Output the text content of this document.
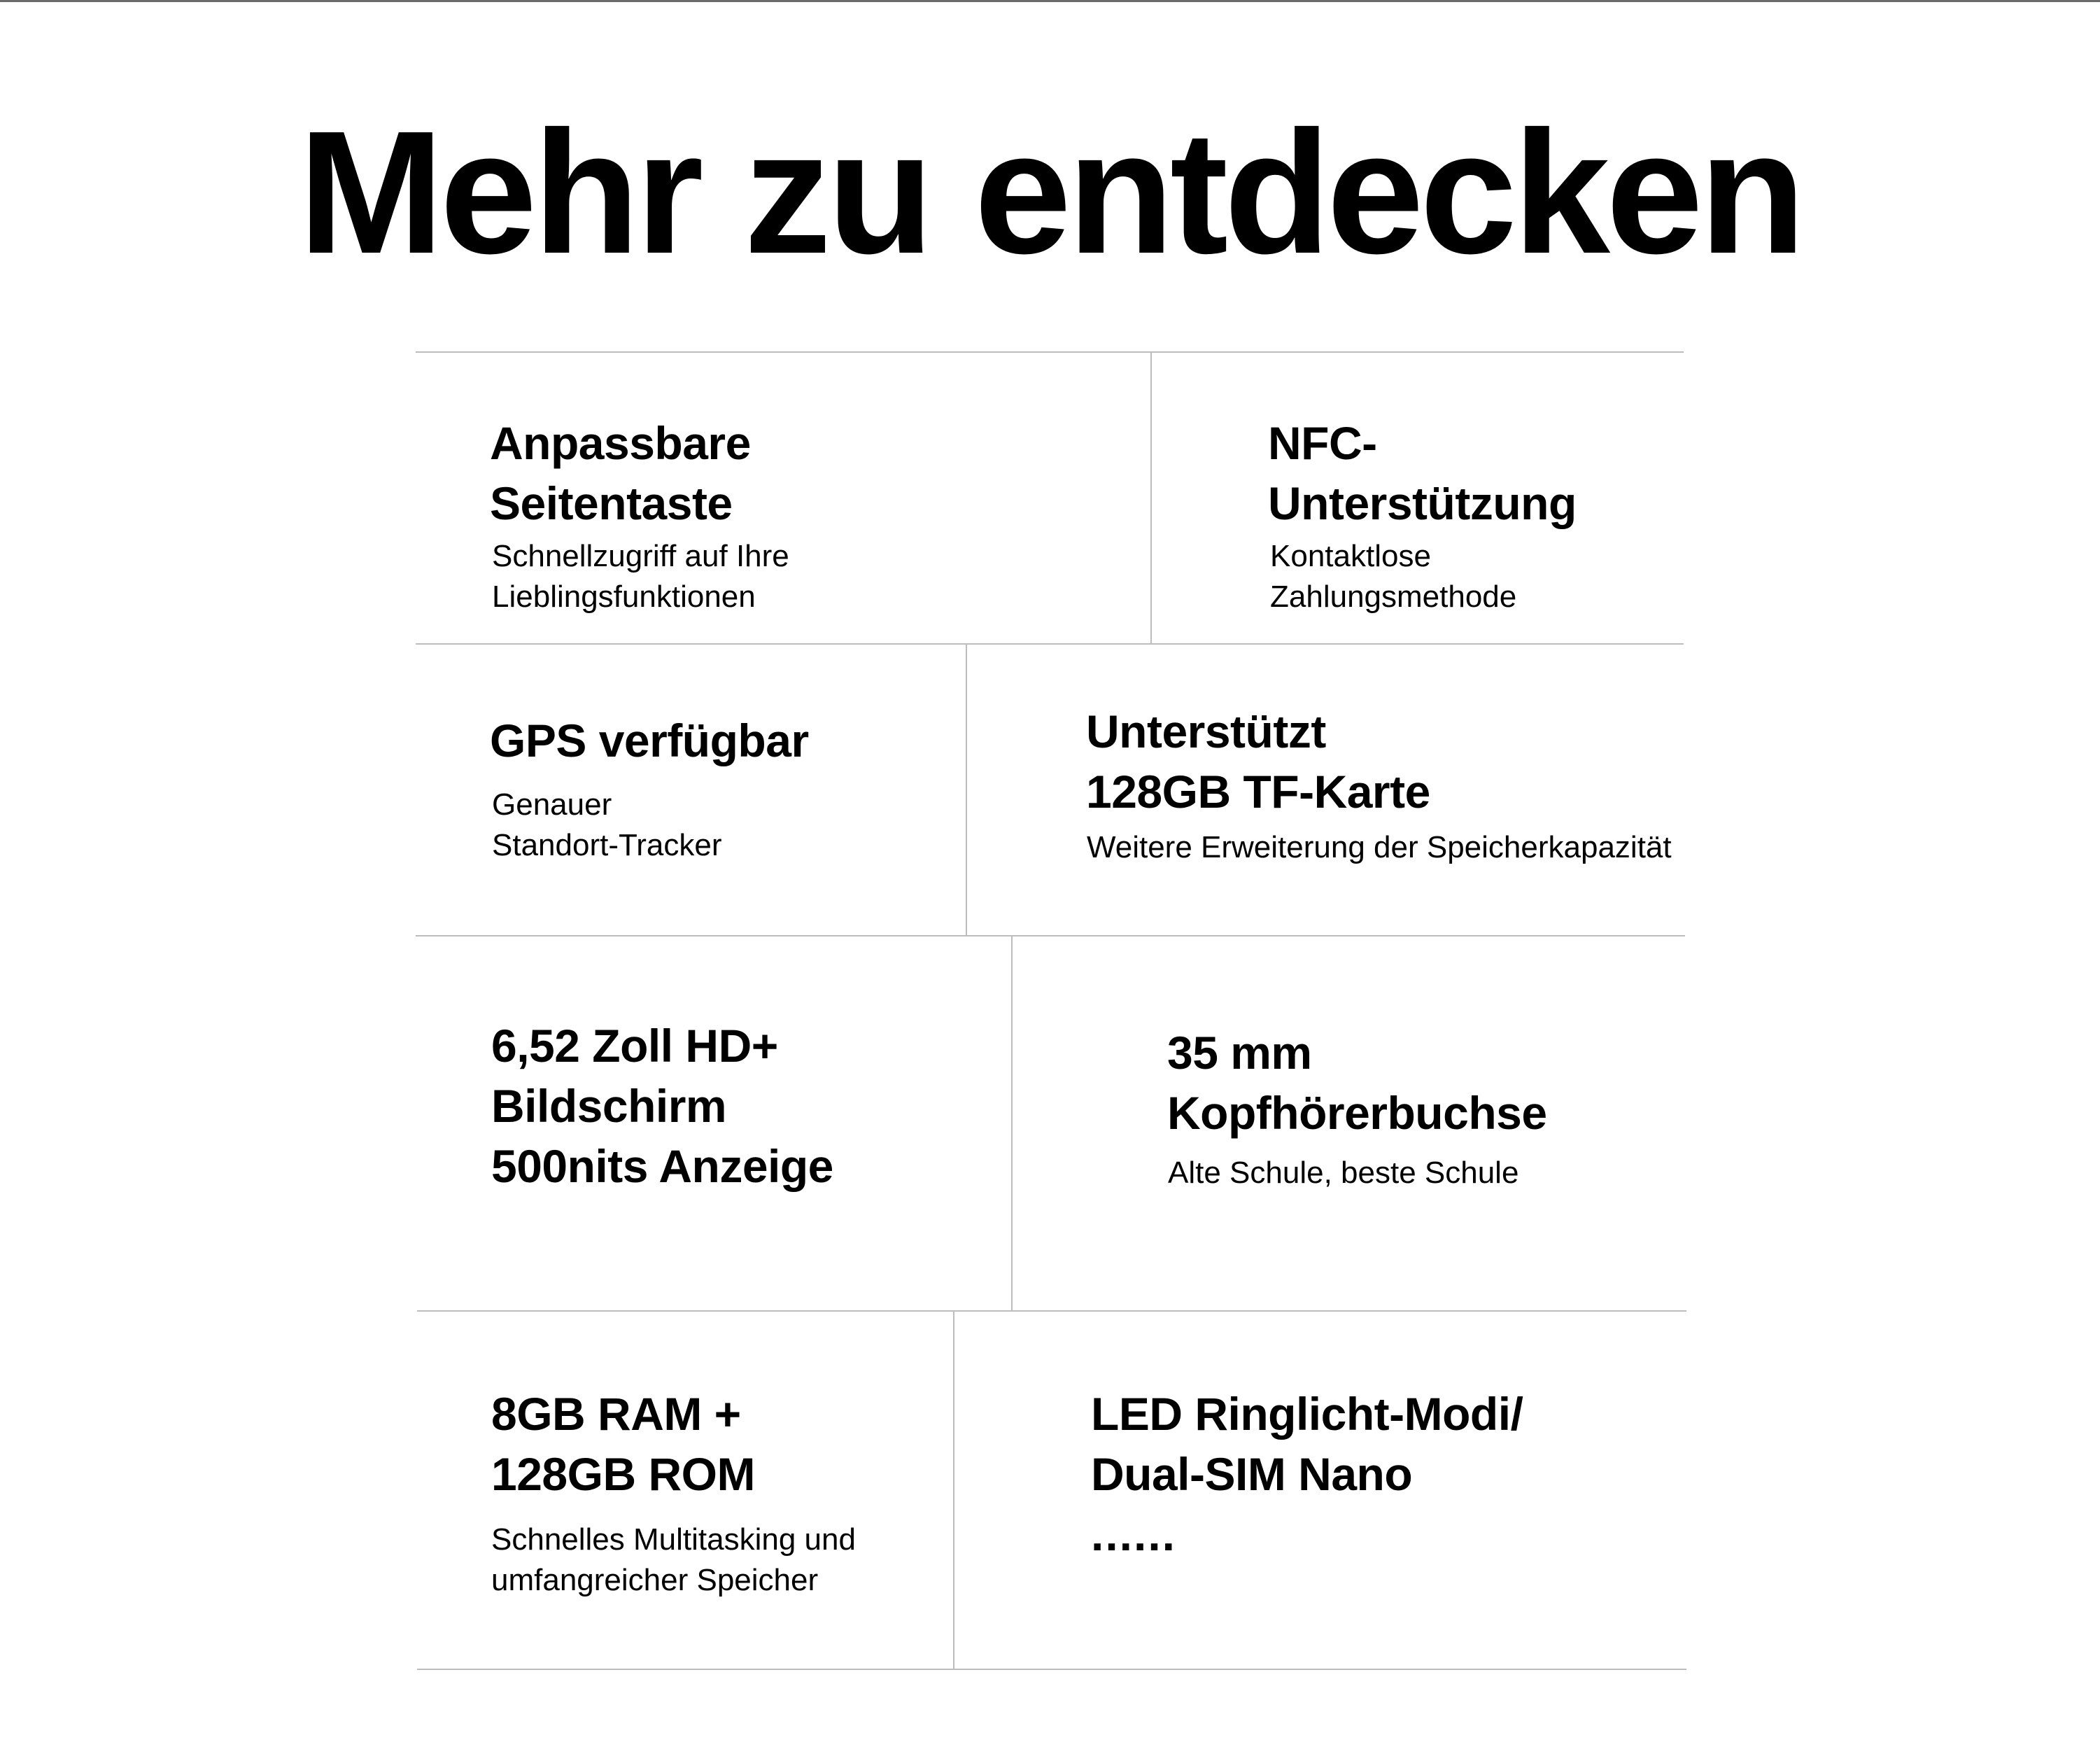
Mehr zu entdecken
Anpassbare
Seitentaste
Schnellzugriff auf Ihre
Lieblingsfunktionen
NFC-
Unterstützung
Kontaktlose
Zahlungsmethode
GPS verfügbar
Genauer
Standort-Tracker
Unterstützt
128GB TF-Karte
Weitere Erweiterung der Speicherkapazität
6,52 Zoll HD+
Bildschirm
500nits Anzeige
35 mm
Kopfhörerbuchse
Alte Schule, beste Schule
8GB RAM +
128GB ROM
Schnelles Multitasking und
umfangreicher Speicher
LED Ringlicht-Modi/
Dual-SIM Nano
......
